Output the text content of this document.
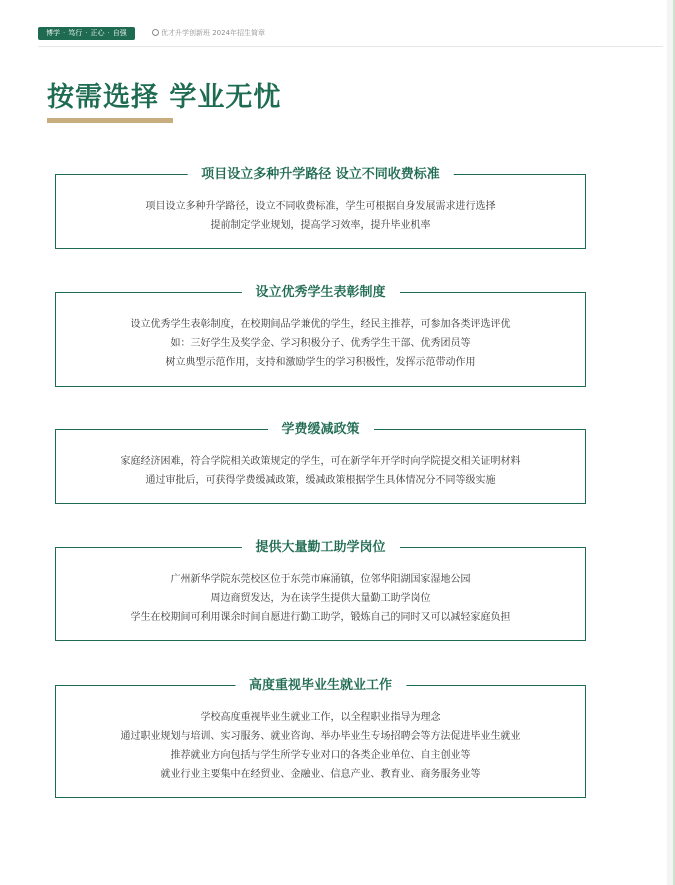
博学 · 笃行 · 正心 · 自强	优才升学创新班 2024年招生简章
按需选择 学业无忧
项目设立多种升学路径 设立不同收费标准
项目设立多种升学路径，设立不同收费标准，学生可根据自身发展需求进行选择
提前制定学业规划，提高学习效率，提升毕业机率
设立优秀学生表彰制度
设立优秀学生表彰制度，在校期间品学兼优的学生，经民主推荐，可参加各类评选评优
如：三好学生及奖学金、学习积极分子、优秀学生干部、优秀团员等
树立典型示范作用，支持和激励学生的学习积极性，发挥示范带动作用
学费缓减政策
家庭经济困难，符合学院相关政策规定的学生，可在新学年开学时向学院提交相关证明材料
通过审批后，可获得学费缓减政策，缓减政策根据学生具体情况分不同等级实施
提供大量勤工助学岗位
广州新华学院东莞校区位于东莞市麻涌镇，位邻华阳湖国家湿地公园
周边商贸发达，为在读学生提供大量勤工助学岗位
学生在校期间可利用课余时间自愿进行勤工助学，锻炼自己的同时又可以减轻家庭负担
高度重视毕业生就业工作
学校高度重视毕业生就业工作，以全程职业指导为理念
通过职业规划与培训、实习服务、就业咨询、举办毕业生专场招聘会等方法促进毕业生就业
推荐就业方向包括与学生所学专业对口的各类企业单位、自主创业等
就业行业主要集中在经贸业、金融业、信息产业、教育业、商务服务业等
